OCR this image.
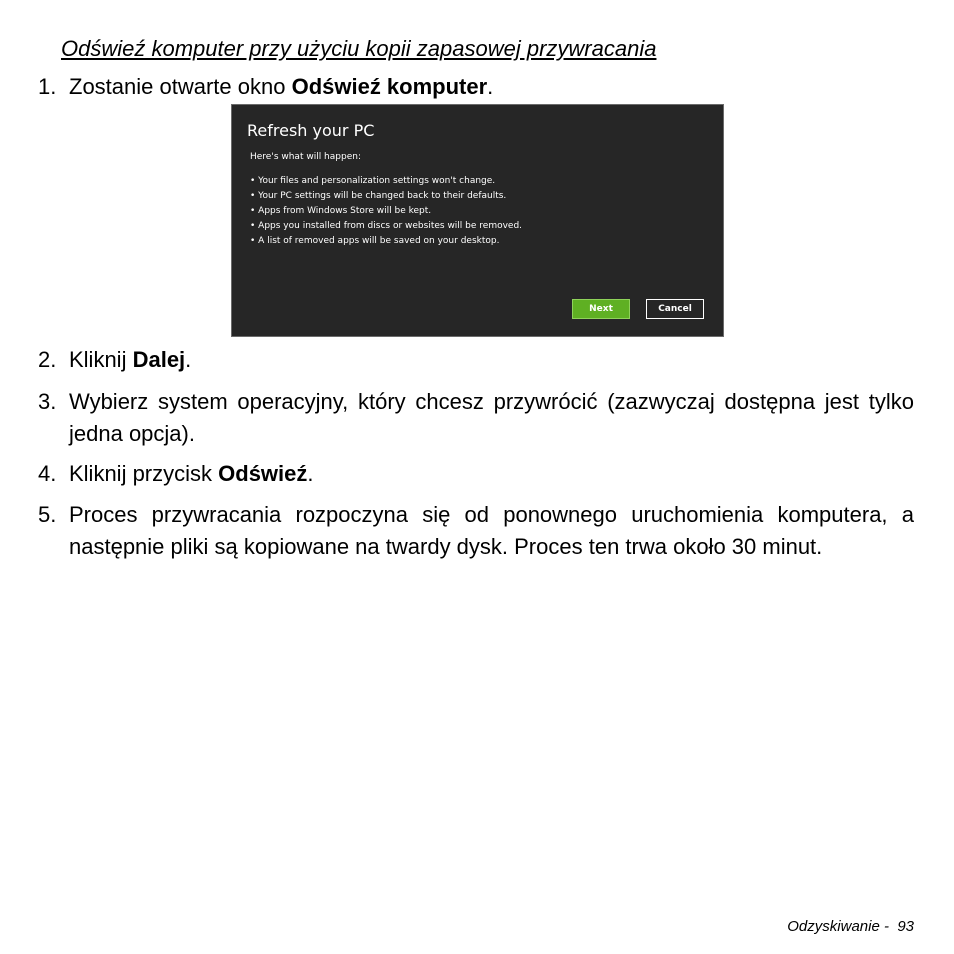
Odświeź komputer przy użyciu kopii zapasowej przywracania
1. Zostanie otwarte okno Odświeź komputer.
Refresh your PC
Here's what will happen:
• Your files and personalization settings won't change.
• Your PC settings will be changed back to their defaults.
• Apps from Windows Store will be kept.
• Apps you installed from discs or websites will be removed.
• A list of removed apps will be saved on your desktop.
Next	Cancel
2. Kliknij Dalej.
3. Wybierz system operacyjny, który chcesz przywrócić (zazwyczaj dostępna jest tylko jedna opcja).
4. Kliknij przycisk Odświeź.
5. Proces przywracania rozpoczyna się od ponownego uruchomienia komputera, a następnie pliki są kopiowane na twardy dysk. Proces ten trwa około 30 minut.
Odzyskiwanie - 93
